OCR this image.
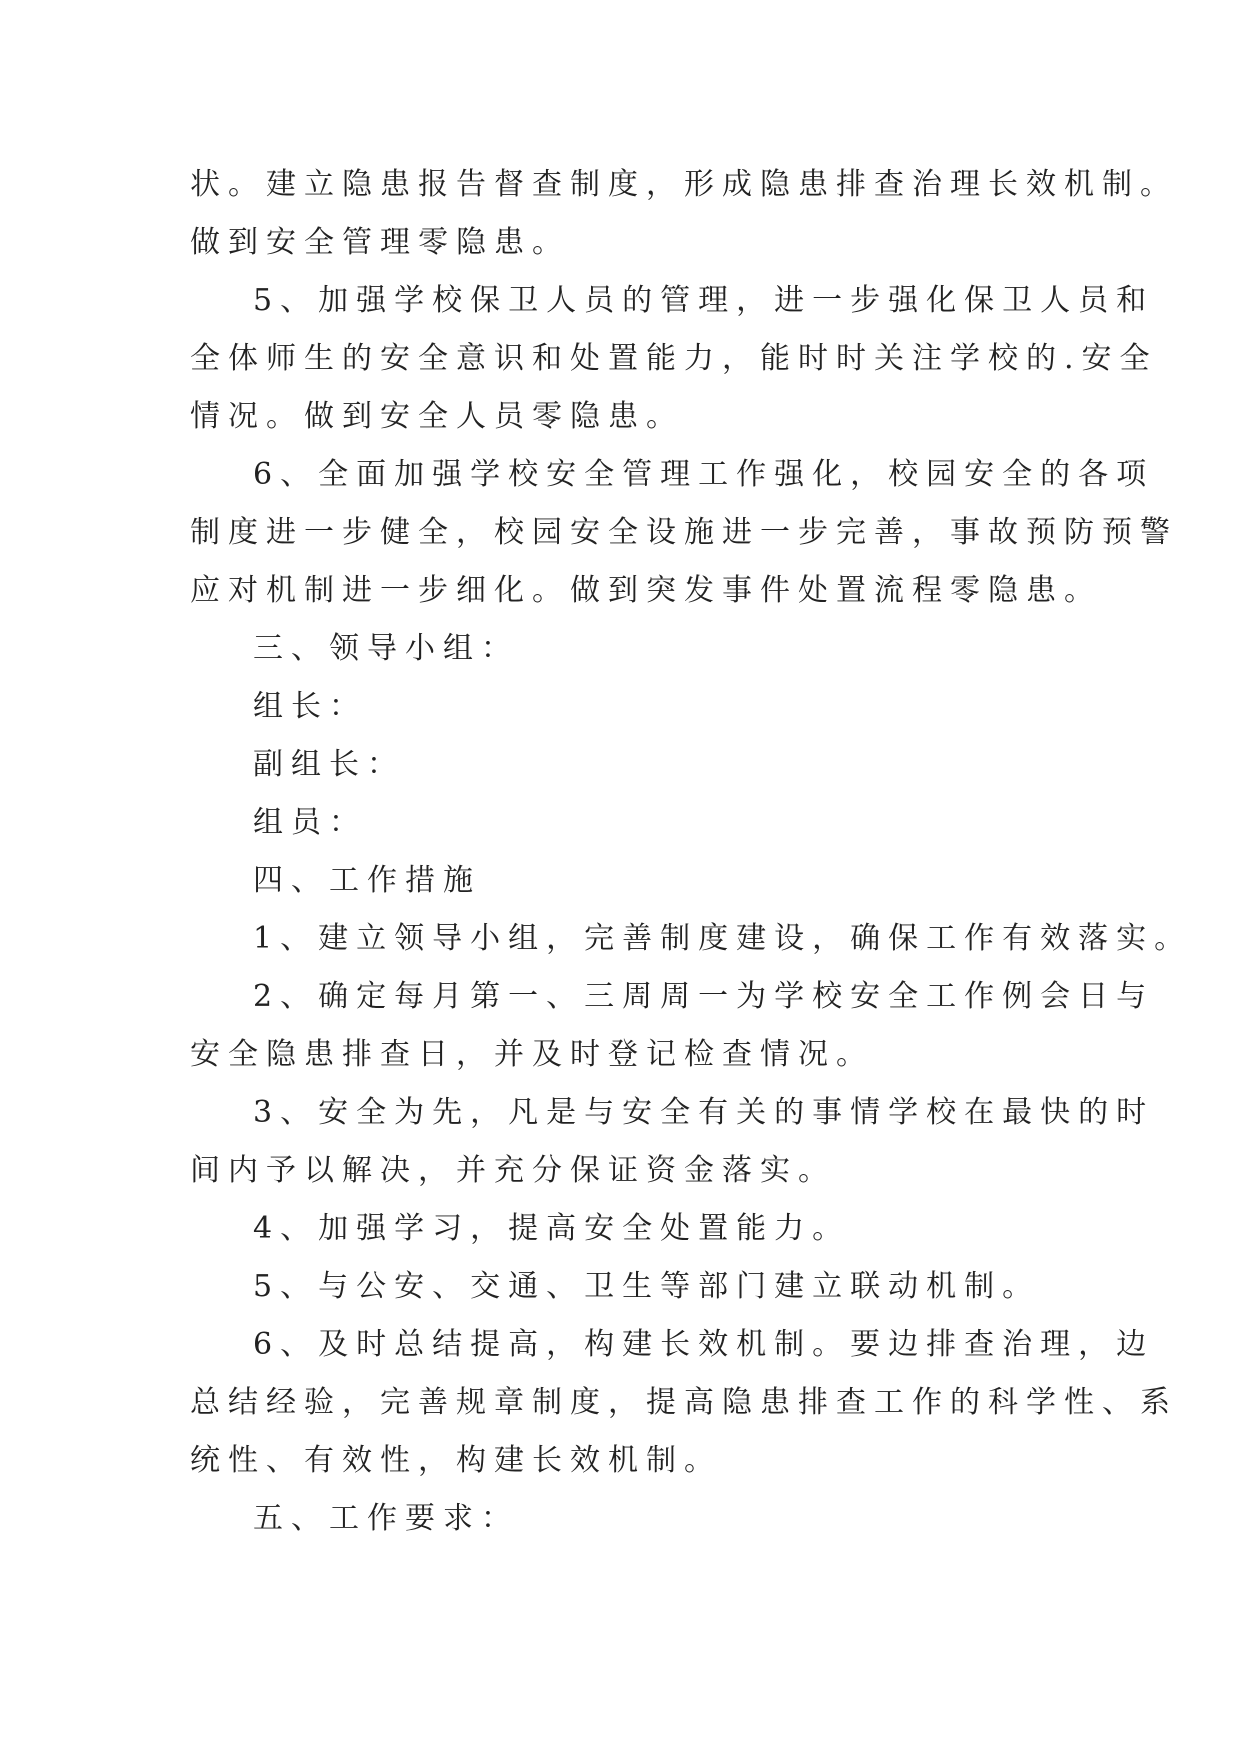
状。建立隐患报告督查制度，形成隐患排查治理长效机制。
做到安全管理零隐患。
5、加强学校保卫人员的管理，进一步强化保卫人员和
全体师生的安全意识和处置能力，能时时关注学校的.安全
情况。做到安全人员零隐患。
6、全面加强学校安全管理工作强化，校园安全的各项
制度进一步健全，校园安全设施进一步完善，事故预防预警
应对机制进一步细化。做到突发事件处置流程零隐患。
三、领导小组：
组长：
副组长：
组员：
四、工作措施
1、建立领导小组，完善制度建设，确保工作有效落实。
2、确定每月第一、三周周一为学校安全工作例会日与
安全隐患排查日，并及时登记检查情况。
3、安全为先，凡是与安全有关的事情学校在最快的时
间内予以解决，并充分保证资金落实。
4、加强学习，提高安全处置能力。
5、与公安、交通、卫生等部门建立联动机制。
6、及时总结提高，构建长效机制。要边排查治理，边
总结经验，完善规章制度，提高隐患排查工作的科学性、系
统性、有效性，构建长效机制。
五、工作要求：
